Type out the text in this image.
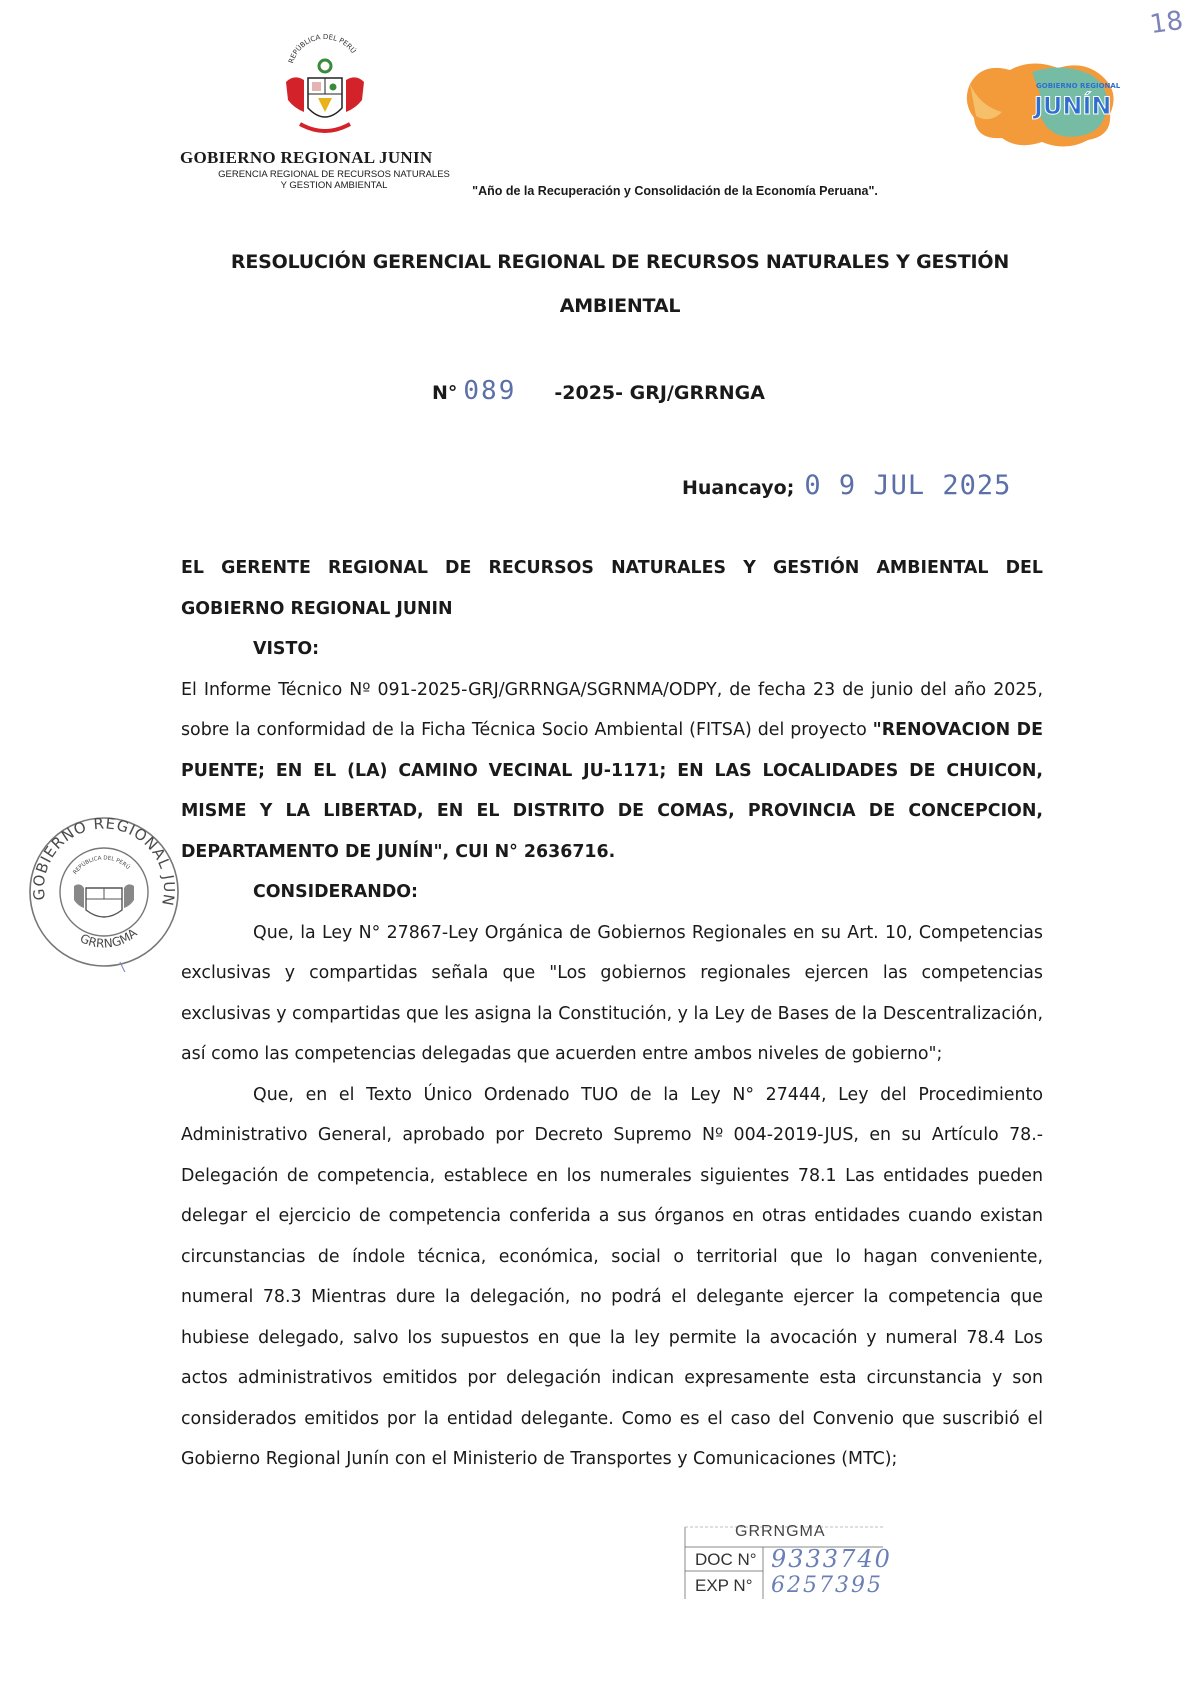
18
REPÚBLICA DEL PERÚ
GOBIERNO REGIONAL JUNIN
GERENCIA REGIONAL DE RECURSOS NATURALES
Y GESTION AMBIENTAL
GOBIERNO REGIONAL
JUNÍN
"Año de la Recuperación y Consolidación de la Economía Peruana".
RESOLUCIÓN GERENCIAL REGIONAL DE RECURSOS NATURALES Y GESTIÓN
AMBIENTAL
N° 089 -2025- GRJ/GRRNGA
Huancayo; 0 9 JUL 2025

EL GERENTE REGIONAL DE RECURSOS NATURALES Y GESTIÓN AMBIENTAL DEL GOBIERNO REGIONAL JUNIN

VISTO:

El Informe Técnico Nº 091-2025-GRJ/GRRNGA/SGRNMA/ODPY, de fecha 23 de junio del año 2025, sobre la conformidad de la Ficha Técnica Socio Ambiental (FITSA) del proyecto "RENOVACION DE PUENTE; EN EL (LA) CAMINO VECINAL JU-1171; EN LAS LOCALIDADES DE CHUICON, MISME Y LA LIBERTAD, EN EL DISTRITO DE COMAS, PROVINCIA DE CONCEPCION, DEPARTAMENTO DE JUNÍN", CUI N° 2636716.

CONSIDERANDO:

Que, la Ley N° 27867-Ley Orgánica de Gobiernos Regionales en su Art. 10, Competencias exclusivas y compartidas señala que "Los gobiernos regionales ejercen las competencias exclusivas y compartidas que les asigna la Constitución, y la Ley de Bases de la Descentralización, así como las competencias delegadas que acuerden entre ambos niveles de gobierno";

Que, en el Texto Único Ordenado TUO de la Ley N° 27444, Ley del Procedimiento Administrativo General, aprobado por Decreto Supremo Nº 004-2019-JUS, en su Artículo 78.- Delegación de competencia, establece en los numerales siguientes 78.1 Las entidades pueden delegar el ejercicio de competencia conferida a sus órganos en otras entidades cuando existan circunstancias de índole técnica, económica, social o territorial que lo hagan conveniente, numeral 78.3 Mientras dure la delegación, no podrá el delegante ejercer la competencia que hubiese delegado, salvo los supuestos en que la ley permite la avocación y numeral 78.4 Los actos administrativos emitidos por delegación indican expresamente esta circunstancia y son considerados emitidos por la entidad delegante. Como es el caso del Convenio que suscribió el Gobierno Regional Junín con el Ministerio de Transportes y Comunicaciones (MTC);

GOBIERNO REGIONAL JUN
REPÚBLICA DEL PERÚ
GRRNGMA
GRRNGMA
DOC N° 9333740
EXP N° 6257395
